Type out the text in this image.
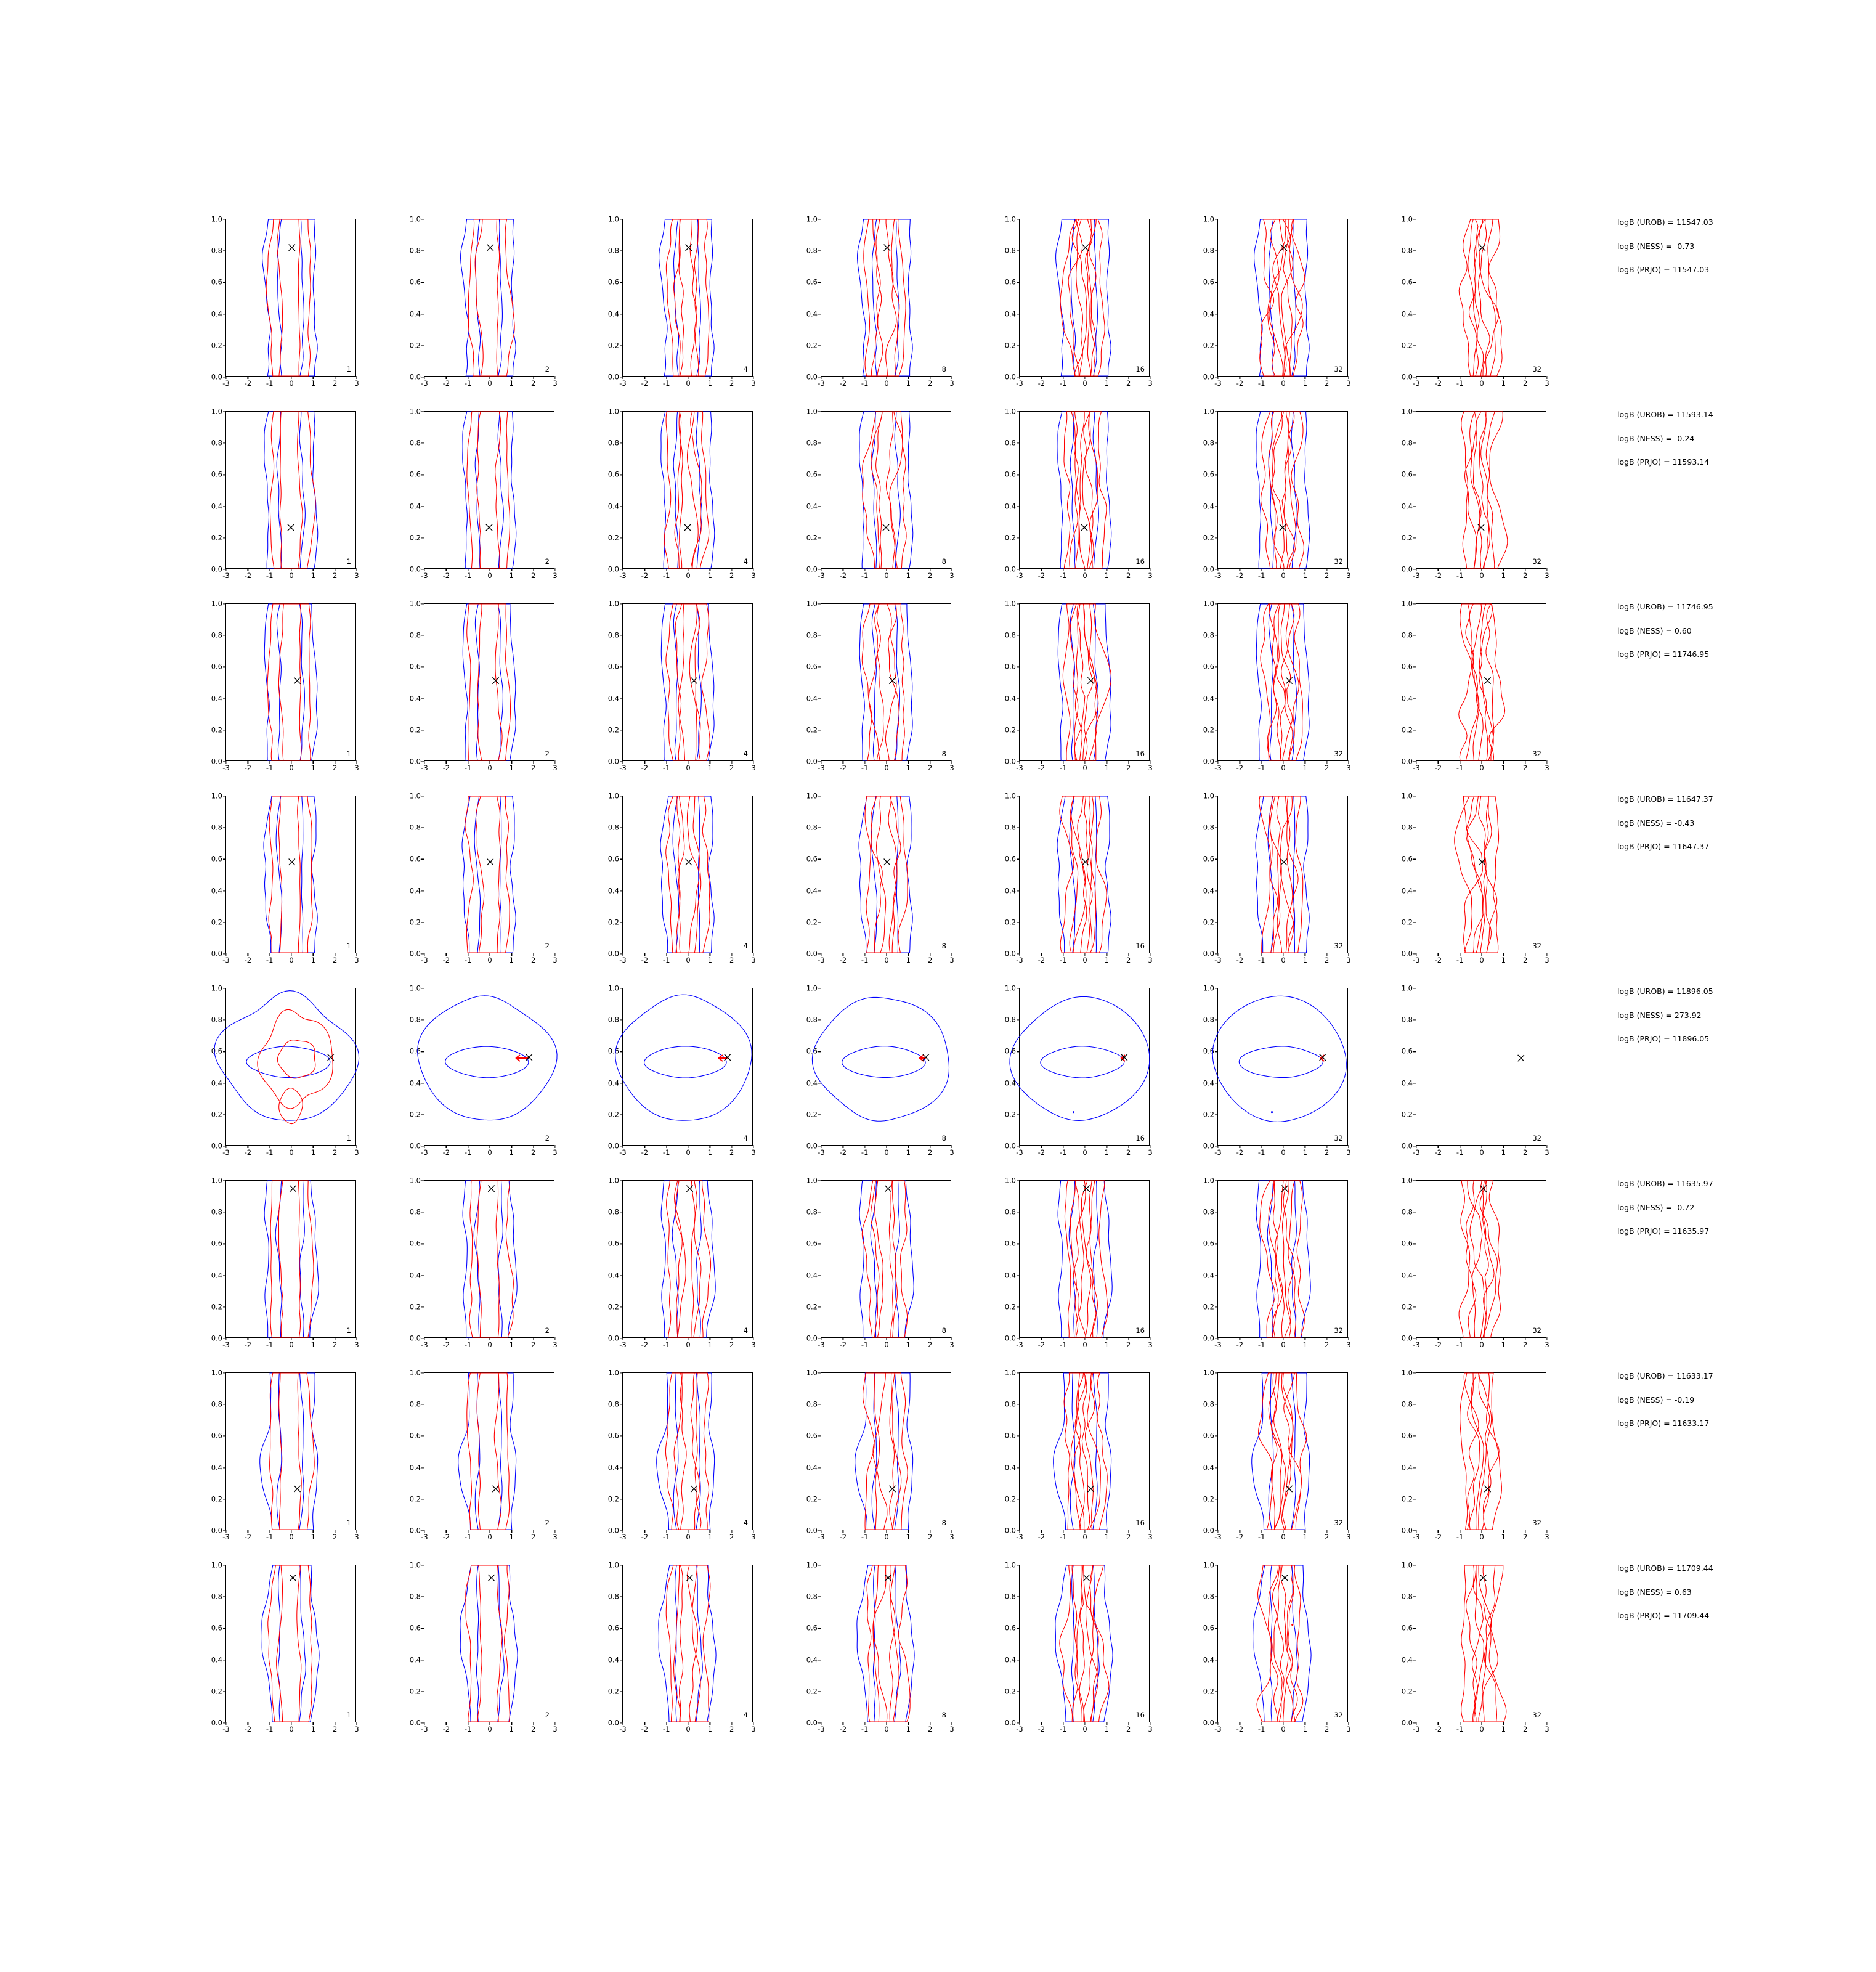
0.0
0.2
0.4
0.6
0.8
1.0
-3 -2 -1 0 1 2 3
1
0.0
0.2
0.4
0.6
0.8
1.0
-3 -2 -1 0 1 2 3
2
0.0
0.2
0.4
0.6
0.8
1.0
-3 -2 -1 0 1 2 3
4
0.0
0.2
0.4
0.6
0.8
1.0
-3 -2 -1 0 1 2 3
8
0.0
0.2
0.4
0.6
0.8
1.0
-3 -2 -1 0 1 2 3
16
0.0
0.2
0.4
0.6
0.8
1.0
-3 -2 -1 0 1 2 3
32
0.0
0.2
0.4
0.6
0.8
1.0
-3 -2 -1 0 1 2 3
32
logB (UROB) = 11547.03
logB (NESS) = -0.73
logB (PRJO) = 11547.03
0.0
0.2
0.4
0.6
0.8
1.0
-3 -2 -1 0 1 2 3
1
0.0
0.2
0.4
0.6
0.8
1.0
-3 -2 -1 0 1 2 3
2
0.0
0.2
0.4
0.6
0.8
1.0
-3 -2 -1 0 1 2 3
4
0.0
0.2
0.4
0.6
0.8
1.0
-3 -2 -1 0 1 2 3
8
0.0
0.2
0.4
0.6
0.8
1.0
-3 -2 -1 0 1 2 3
16
0.0
0.2
0.4
0.6
0.8
1.0
-3 -2 -1 0 1 2 3
32
0.0
0.2
0.4
0.6
0.8
1.0
-3 -2 -1 0 1 2 3
32
logB (UROB) = 11593.14
logB (NESS) = -0.24
logB (PRJO) = 11593.14
0.0
0.2
0.4
0.6
0.8
1.0
-3 -2 -1 0 1 2 3
1
0.0
0.2
0.4
0.6
0.8
1.0
-3 -2 -1 0 1 2 3
2
0.0
0.2
0.4
0.6
0.8
1.0
-3 -2 -1 0 1 2 3
4
0.0
0.2
0.4
0.6
0.8
1.0
-3 -2 -1 0 1 2 3
8
0.0
0.2
0.4
0.6
0.8
1.0
-3 -2 -1 0 1 2 3
16
0.0
0.2
0.4
0.6
0.8
1.0
-3 -2 -1 0 1 2 3
32
0.0
0.2
0.4
0.6
0.8
1.0
-3 -2 -1 0 1 2 3
32
logB (UROB) = 11746.95
logB (NESS) = 0.60
logB (PRJO) = 11746.95
0.0
0.2
0.4
0.6
0.8
1.0
-3 -2 -1 0 1 2 3
1
0.0
0.2
0.4
0.6
0.8
1.0
-3 -2 -1 0 1 2 3
2
0.0
0.2
0.4
0.6
0.8
1.0
-3 -2 -1 0 1 2 3
4
0.0
0.2
0.4
0.6
0.8
1.0
-3 -2 -1 0 1 2 3
8
0.0
0.2
0.4
0.6
0.8
1.0
-3 -2 -1 0 1 2 3
16
0.0
0.2
0.4
0.6
0.8
1.0
-3 -2 -1 0 1 2 3
32
0.0
0.2
0.4
0.6
0.8
1.0
-3 -2 -1 0 1 2 3
32
logB (UROB) = 11647.37
logB (NESS) = -0.43
logB (PRJO) = 11647.37
0.0
0.2
0.4
0.6
0.8
1.0
-3 -2 -1 0 1 2 3
1
0.0
0.2
0.4
0.6
0.8
1.0
-3 -2 -1 0 1 2 3
2
0.0
0.2
0.4
0.6
0.8
1.0
-3 -2 -1 0 1 2 3
4
0.0
0.2
0.4
0.6
0.8
1.0
-3 -2 -1 0 1 2 3
8
0.0
0.2
0.4
0.6
0.8
1.0
-3 -2 -1 0 1 2 3
16
0.0
0.2
0.4
0.6
0.8
1.0
-3 -2 -1 0 1 2 3
32
0.0
0.2
0.4
0.6
0.8
1.0
-3 -2 -1 0 1 2 3
32
logB (UROB) = 11896.05
logB (NESS) = 273.92
logB (PRJO) = 11896.05
0.0
0.2
0.4
0.6
0.8
1.0
-3 -2 -1 0 1 2 3
1
0.0
0.2
0.4
0.6
0.8
1.0
-3 -2 -1 0 1 2 3
2
0.0
0.2
0.4
0.6
0.8
1.0
-3 -2 -1 0 1 2 3
4
0.0
0.2
0.4
0.6
0.8
1.0
-3 -2 -1 0 1 2 3
8
0.0
0.2
0.4
0.6
0.8
1.0
-3 -2 -1 0 1 2 3
16
0.0
0.2
0.4
0.6
0.8
1.0
-3 -2 -1 0 1 2 3
32
0.0
0.2
0.4
0.6
0.8
1.0
-3 -2 -1 0 1 2 3
32
logB (UROB) = 11635.97
logB (NESS) = -0.72
logB (PRJO) = 11635.97
0.0
0.2
0.4
0.6
0.8
1.0
-3 -2 -1 0 1 2 3
1
0.0
0.2
0.4
0.6
0.8
1.0
-3 -2 -1 0 1 2 3
2
0.0
0.2
0.4
0.6
0.8
1.0
-3 -2 -1 0 1 2 3
4
0.0
0.2
0.4
0.6
0.8
1.0
-3 -2 -1 0 1 2 3
8
0.0
0.2
0.4
0.6
0.8
1.0
-3 -2 -1 0 1 2 3
16
0.0
0.2
0.4
0.6
0.8
1.0
-3 -2 -1 0 1 2 3
32
0.0
0.2
0.4
0.6
0.8
1.0
-3 -2 -1 0 1 2 3
32
logB (UROB) = 11633.17
logB (NESS) = -0.19
logB (PRJO) = 11633.17
0.0
0.2
0.4
0.6
0.8
1.0
-3 -2 -1 0 1 2 3
1
0.0
0.2
0.4
0.6
0.8
1.0
-3 -2 -1 0 1 2 3
2
0.0
0.2
0.4
0.6
0.8
1.0
-3 -2 -1 0 1 2 3
4
0.0
0.2
0.4
0.6
0.8
1.0
-3 -2 -1 0 1 2 3
8
0.0
0.2
0.4
0.6
0.8
1.0
-3 -2 -1 0 1 2 3
16
0.0
0.2
0.4
0.6
0.8
1.0
-3 -2 -1 0 1 2 3
32
0.0
0.2
0.4
0.6
0.8
1.0
-3 -2 -1 0 1 2 3
32
logB (UROB) = 11709.44
logB (NESS) = 0.63
logB (PRJO) = 11709.44
